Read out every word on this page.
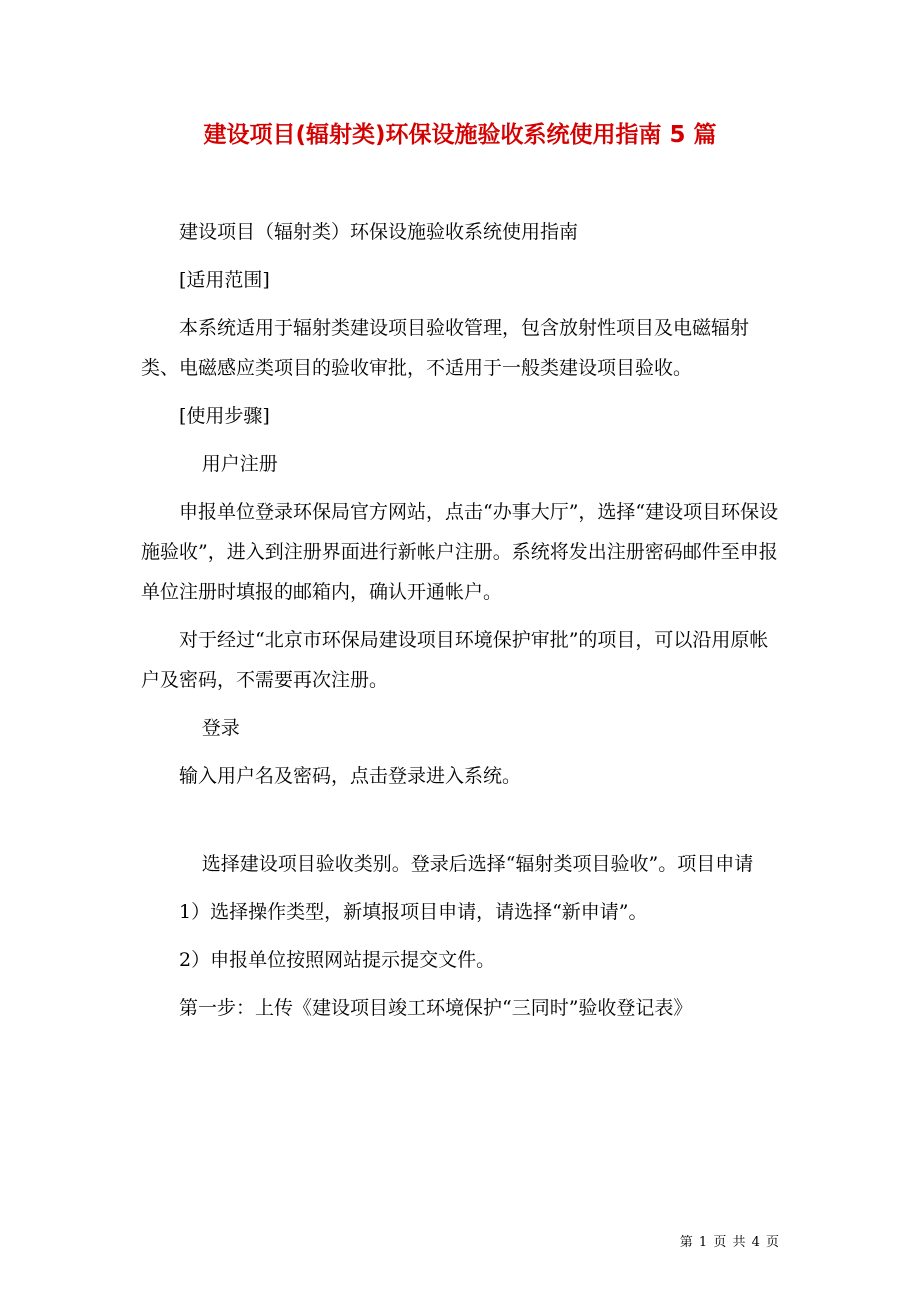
建设项目(辐射类)环保设施验收系统使用指南 5 篇

建设项目（辐射类）环保设施验收系统使用指南

[适用范围]

本系统适用于辐射类建设项目验收管理，包含放射性项目及电磁辐射类、电磁感应类项目的验收审批，不适用于一般类建设项目验收。

[使用步骤]

用户注册

申报单位登录环保局官方网站，点击“办事大厅”，选择“建设项目环保设施验收”，进入到注册界面进行新帐户注册。系统将发出注册密码邮件至申报单位注册时填报的邮箱内，确认开通帐户。

对于经过“北京市环保局建设项目环境保护审批”的项目，可以沿用原帐户及密码，不需要再次注册。

登录

输入用户名及密码，点击登录进入系统。

选择建设项目验收类别。登录后选择“辐射类项目验收”。项目申请

1）选择操作类型，新填报项目申请，请选择“新申请”。

2）申报单位按照网站提示提交文件。

第一步：上传《建设项目竣工环境保护“三同时”验收登记表》

第 1 页 共 4 页
